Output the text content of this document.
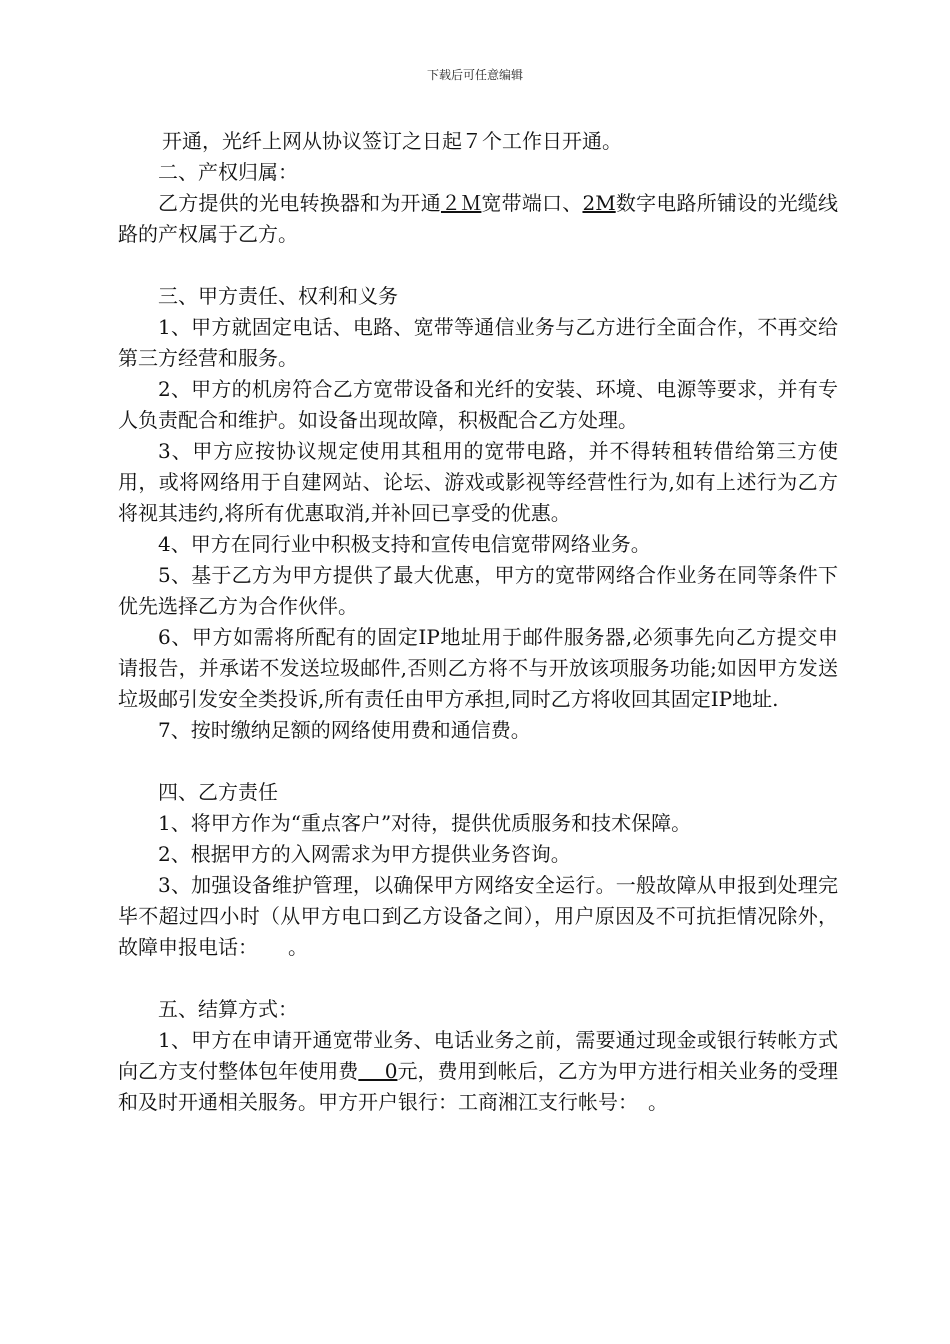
下载后可任意编辑

开通，光纤上网从协议签订之日起７个工作日开通。

二、产权归属：

乙方提供的光电转换器和为开通２Ｍ宽带端口、2M数字电路所铺设的光缆线路的产权属于乙方。

三、甲方责任、权利和义务

1、甲方就固定电话、电路、宽带等通信业务与乙方进行全面合作，不再交给第三方经营和服务。

2、甲方的机房符合乙方宽带设备和光纤的安装、环境、电源等要求，并有专人负责配合和维护。如设备出现故障，积极配合乙方处理。

3、甲方应按协议规定使用其租用的宽带电路，并不得转租转借给第三方使用，或将网络用于自建网站、论坛、游戏或影视等经营性行为,如有上述行为乙方将视其违约,将所有优惠取消,并补回已享受的优惠。

4、甲方在同行业中积极支持和宣传电信宽带网络业务。

5、基于乙方为甲方提供了最大优惠，甲方的宽带网络合作业务在同等条件下优先选择乙方为合作伙伴。

6、甲方如需将所配有的固定IP地址用于邮件服务器,必须事先向乙方提交申请报告，并承诺不发送垃圾邮件,否则乙方将不与开放该项服务功能;如因甲方发送垃圾邮引发安全类投诉,所有责任由甲方承担,同时乙方将收回其固定IP地址.

7、按时缴纳足额的网络使用费和通信费。

四、乙方责任

1、将甲方作为“重点客户”对待，提供优质服务和技术保障。

2、根据甲方的入网需求为甲方提供业务咨询。

3、加强设备维护管理，以确保甲方网络安全运行。一般故障从申报到处理完毕不超过四小时（从甲方电口到乙方设备之间），用户原因及不可抗拒情况除外，故障申报电话：　　。

五、结算方式：

1、甲方在申请开通宽带业务、电话业务之前，需要通过现金或银行转帐方式向乙方支付整体包年使用费　 0元，费用到帐后，乙方为甲方进行相关业务的受理和及时开通相关服务。甲方开户银行：工商湘江支行帐号：　。
